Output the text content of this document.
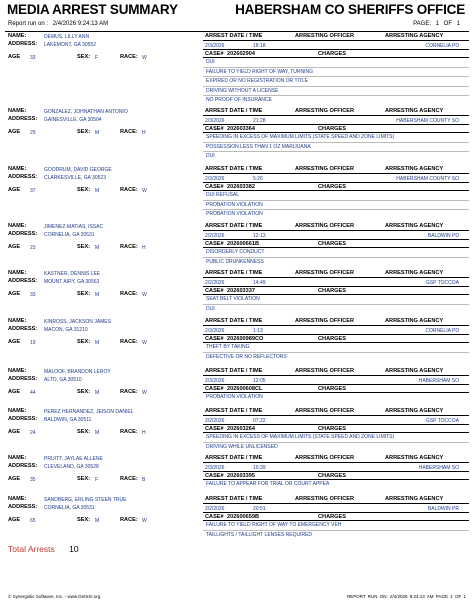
MEDIA ARREST SUMMARY	HABERSHAM CO SHERIFFS OFFICE
Report run on : 2/4/2026 9:24:13 AM	PAGE: 1 OF 1
NAME:	DEMUS, LILLY ANN
ADDRESS: LAKEMONT, GA 30552
AGE 33	SEX: F	RACE: W
ARREST DATE / TIME	ARRESTING OFFICER	ARRESTING AGENCY
2/3/2026	18:18	CORNELIA PD
CASE# 202602904	CHARGES
DUI
FAILURE TO YIELD RIGHT OF WAY, TURNING
EXPIRED OR NO REGISTRATION OR TITLE
DRIVING WITHOUT A LICENSE
NO PROOF OF INSURANCE
NAME:	GONZALEZ, JOHNATHAN ANTONIO
ADDRESS: GAINESVILLE, GA 30504
AGE 29	SEX: M	RACE: H
ARREST DATE / TIME	ARRESTING OFFICER	ARRESTING AGENCY
2/3/2026	21:28	HABERSHAM COUNTY SO
CASE# 202603364	CHARGES
SPEEDING IN EXCESS OF MAXIMUM LIMITS (STATE SPEED AND ZONE LIMITS)
POSSESSION LESS THAN 1 OZ MARIJUANA
DUI
NAME:	GOODRUM, DAVID GEORGE
ADDRESS: CLARKESVILLE, GA 30523
AGE 37	SEX: M	RACE: W
ARREST DATE / TIME	ARRESTING OFFICER	ARRESTING AGENCY
2/3/2026	5:26	HABERSHAM COUNTY SO
CASE# 202603382	CHARGES
DUI REFUSAL
PROBATION VIOLATION
PROBATION VIOLATION
NAME:	JIMENEZ-MATIAS, ISSAC
ADDRESS: CORNELIA, GA 30531
AGE 23	SEX: M	RACE: H
ARREST DATE / TIME	ARRESTING OFFICER	ARRESTING AGENCY
2/2/2026	12:13	BALDWIN PD
CASE# 202600661B	CHARGES
DISORDERLY CONDUCT
PUBLIC DRUNKENNESS
NAME:	KASTNER, DENNIS LEE
ADDRESS: MOUNT AIRY, GA 30563
AGE 33	SEX: M	RACE: W
ARREST DATE / TIME	ARRESTING OFFICER	ARRESTING AGENCY
2/2/2026	14:49	GSP TOCCOA
CASE# 202603337	CHARGES
SEAT BELT VIOLATION
DUI
NAME:	KINROSS, JACKSON JAMES
ADDRESS: MACON, GA 31210
AGE 19	SEX: M	RACE: W
ARREST DATE / TIME	ARRESTING OFFICER	ARRESTING AGENCY
2/3/2026	1:13	CORNELIA PD
CASE# 202600989CO	CHARGES
THEFT BY TAKING
DEFECTIVE OR NO REFLECTORS
NAME:	MALOOF, BRANDON LEROY
ADDRESS: ALTO, GA 30510
AGE 44	SEX: M	RACE: W
ARREST DATE / TIME	ARRESTING OFFICER	ARRESTING AGENCY
2/3/2026	12:05	HABERSHAM SO
CASE# 202600608CL	CHARGES
PROBATION VIOLATION
NAME:	PEREZ HERNANDEZ, JEISON DANIEL
ADDRESS: BALDWIN, GA 30511
AGE 24	SEX: M	RACE: H
ARREST DATE / TIME	ARRESTING OFFICER	ARRESTING AGENCY
2/2/2026	07:22	GSP TOCCOA
CASE# 202603264	CHARGES
SPEEDING IN EXCESS OF MAXIMUM LIMITS (STATE SPEED AND ZONE LIMITS)
DRIVING WHILE UNLICENSED
NAME:	PRUITT, JAYLAE ALLENE
ADDRESS: CLEVELAND, GA 30528
AGE 35	SEX: F	RACE: B
ARREST DATE / TIME	ARRESTING OFFICER	ARRESTING AGENCY
2/3/2026	10:39	HABERSHAM SO
CASE# 202603395	CHARGES
FAILURE TO APPEAR FOR TRIAL OR COURT APPEA
NAME:	SANDBERG, ERLING STEEN TRUE
ADDRESS: CORNELIA, GA 30531
AGE 65	SEX: M	RACE: W
ARREST DATE / TIME	ARRESTING OFFICER	ARRESTING AGENCY
2/2/2026	20:51	BALDWIN PR
CASE# 202600659B	CHARGES
FAILURE TO YIELD RIGHT OF WAY TO EMERGENCY VEH
TAILLIGHTS / TAILLIGHT LENSES REQUIRED
Total Arrests 10
© Synergistic Software, Inc. - www.GetSSI.org	REPORT RUN ON: 2/4/2026 9:24:13 AM PAGE 1 OF 1
